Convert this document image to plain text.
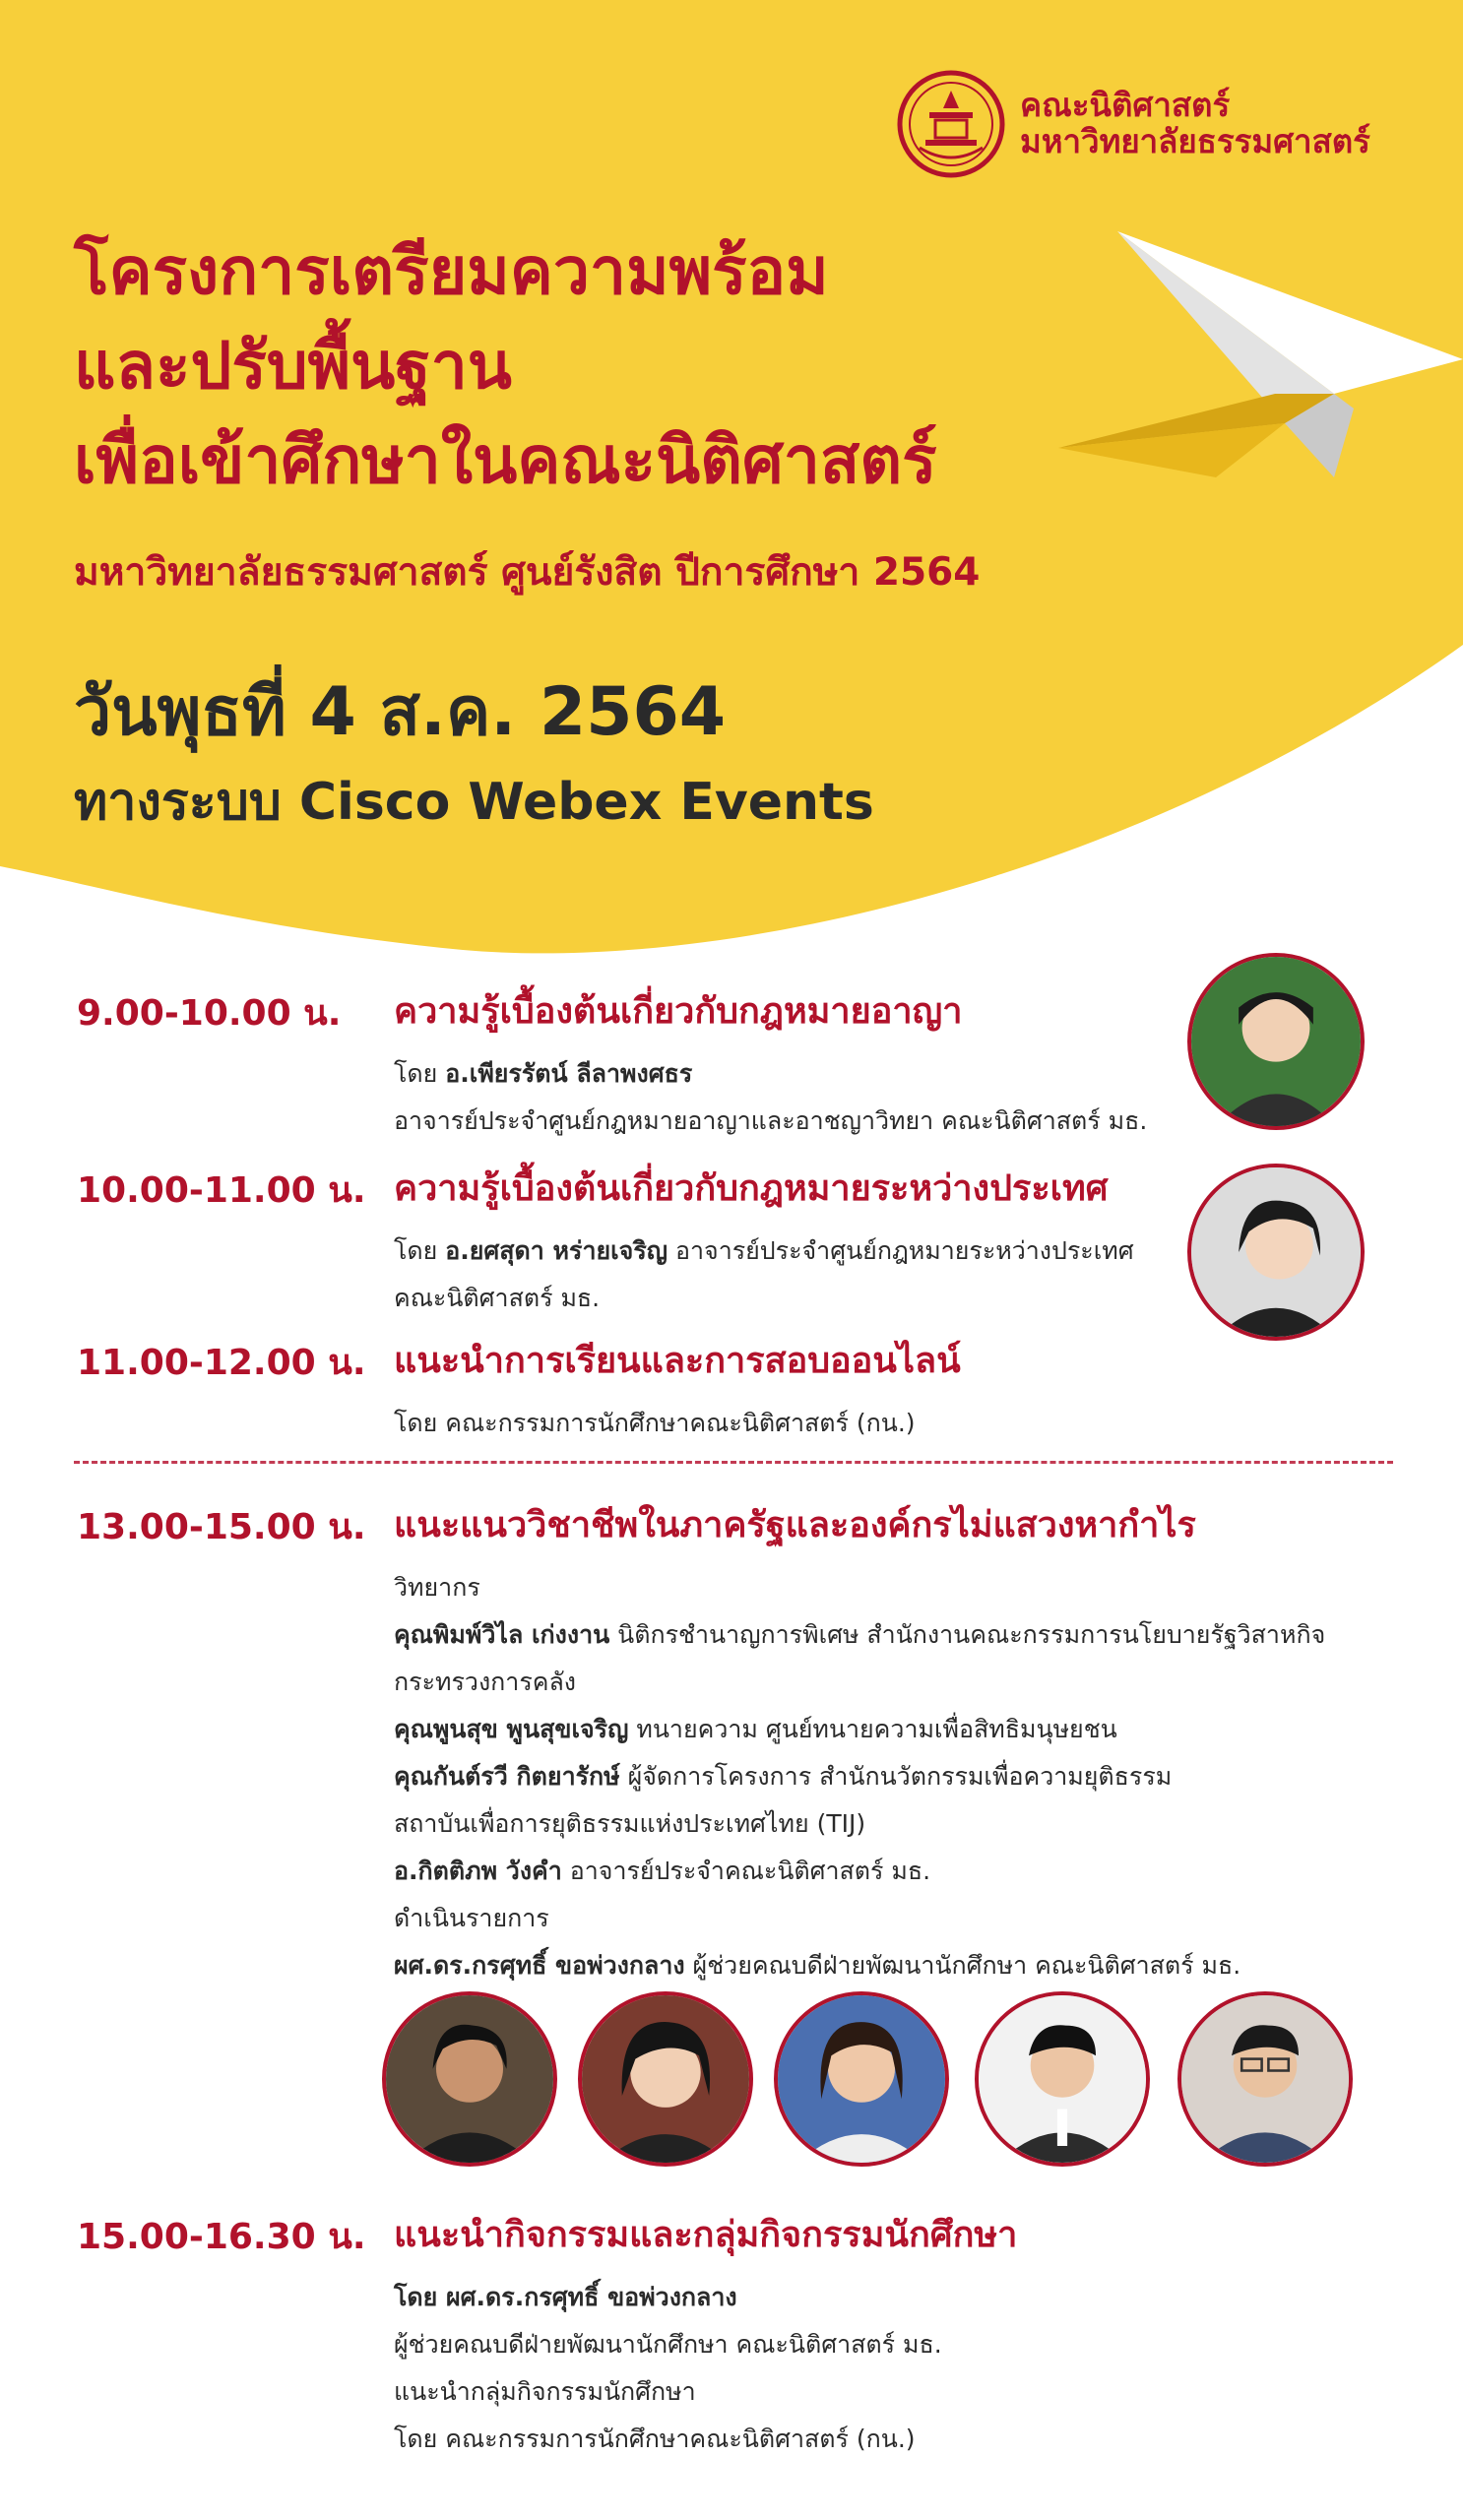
คณะนิติศาสตร์
มหาวิทยาลัยธรรมศาสตร์
โครงการเตรียมความพร้อม
และปรับพื้นฐาน
เพื่อเข้าศึกษาในคณะนิติศาสตร์
มหาวิทยาลัยธรรมศาสตร์ ศูนย์รังสิต ปีการศึกษา 2564
วันพุธที่ 4 ส.ค. 2564
ทางระบบ Cisco Webex Events
9.00-10.00 น. ความรู้เบื้องต้นเกี่ยวกับกฎหมายอาญา
โดย อ.เพียรรัตน์ ลีลาพงศธร
อาจารย์ประจำศูนย์กฎหมายอาญาและอาชญาวิทยา คณะนิติศาสตร์ มธ.
10.00-11.00 น. ความรู้เบื้องต้นเกี่ยวกับกฎหมายระหว่างประเทศ
โดย อ.ยศสุดา หร่ายเจริญ อาจารย์ประจำศูนย์กฎหมายระหว่างประเทศ
คณะนิติศาสตร์ มธ.
11.00-12.00 น. แนะนำการเรียนและการสอบออนไลน์
โดย คณะกรรมการนักศึกษาคณะนิติศาสตร์ (กน.)
13.00-15.00 น. แนะแนววิชาชีพในภาครัฐและองค์กรไม่แสวงหากำไร
วิทยากร
คุณพิมพ์วิไล เก่งงาน นิติกรชำนาญการพิเศษ สำนักงานคณะกรรมการนโยบายรัฐวิสาหกิจ
กระทรวงการคลัง
คุณพูนสุข พูนสุขเจริญ ทนายความ ศูนย์ทนายความเพื่อสิทธิมนุษยชน
คุณกันต์รวี กิตยารักษ์ ผู้จัดการโครงการ สำนักนวัตกรรมเพื่อความยุติธรรม
สถาบันเพื่อการยุติธรรมแห่งประเทศไทย (TIJ)
อ.กิตติภพ วังคำ อาจารย์ประจำคณะนิติศาสตร์ มธ.
ดำเนินรายการ
ผศ.ดร.กรศุทธิ์ ขอพ่วงกลาง ผู้ช่วยคณบดีฝ่ายพัฒนานักศึกษา คณะนิติศาสตร์ มธ.
15.00-16.30 น. แนะนำกิจกรรมและกลุ่มกิจกรรมนักศึกษา
โดย ผศ.ดร.กรศุทธิ์ ขอพ่วงกลาง
ผู้ช่วยคณบดีฝ่ายพัฒนานักศึกษา คณะนิติศาสตร์ มธ.
แนะนำกลุ่มกิจกรรมนักศึกษา
โดย คณะกรรมการนักศึกษาคณะนิติศาสตร์ (กน.)
